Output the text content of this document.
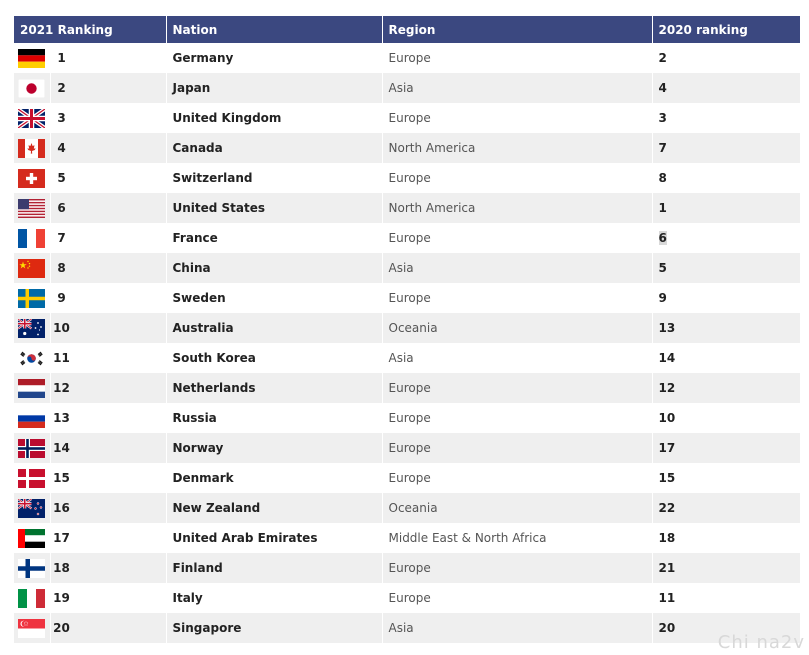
2021 Ranking		Nation	Region	2020 ranking

	1	Germany	Europe	2

	2	Japan	Asia	4

	3	United Kingdom	Europe	3

	4	Canada	North America	7

	5	Switzerland	Europe	8

	6	United States	North America	1

	7	France	Europe	6

	8	China	Asia	5

	9	Sweden	Europe	9

	10	Australia	Oceania	13

	11	South Korea	Asia	14

	12	Netherlands	Europe	12

	13	Russia	Europe	10

	14	Norway	Europe	17

	15	Denmark	Europe	15

	16	New Zealand	Oceania	22

	17	United Arab Emirates	Middle East & North Africa	18

	18	Finland	Europe	21

	19	Italy	Europe	11

	20	Singapore	Asia	20
Chi na2v
